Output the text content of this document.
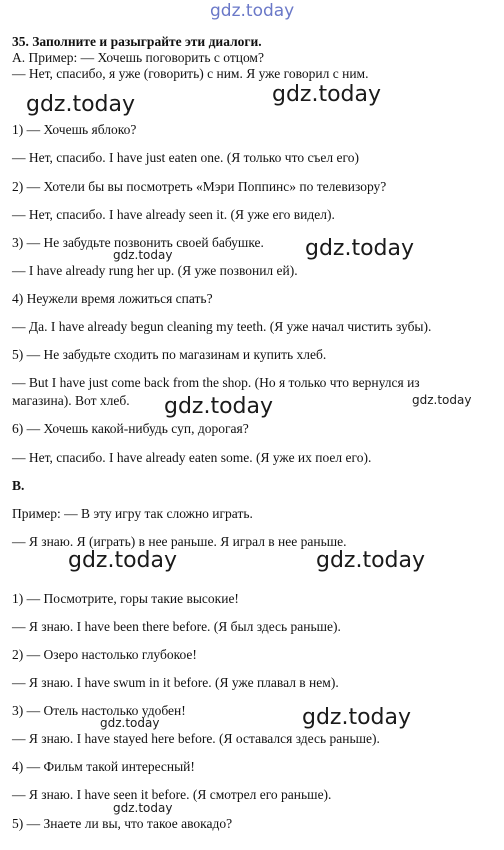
gdz.today
gdz.today	gdz.today
gdz.today
gdz.today
gdz.today	gdz.today
gdz.today	gdz.today
gdz.today
gdz.today
gdz.today
35. Заполните и разыграйте эти диалоги.
А. Пример: — Хочешь поговорить с отцом?
— Нет, спасибо, я уже (говорить) с ним. Я уже говорил с ним.
1) — Хочешь яблоко?
— Нет, спасибо. I have just eaten one. (Я только что съел его)
2) — Хотели бы вы посмотреть «Мэри Поппинс» по телевизору?
— Нет, спасибо. I have already seen it. (Я уже его видел).
3) — Не забудьте позвонить своей бабушке.
— I have already rung her up. (Я уже позвонил ей).
4) Неужели время ложиться спать?
— Да. I have already begun cleaning my teeth. (Я уже начал чистить зубы).
5) — Не забудьте сходить по магазинам и купить хлеб.
— But I have just come back from the shop. (Но я только что вернулся из
магазина). Вот хлеб.
6) — Хочешь какой-нибудь суп, дорогая?
— Нет, спасибо. I have already eaten some. (Я уже их поел его).
В.
Пример: — В эту игру так сложно играть.
— Я знаю. Я (играть) в нее раньше. Я играл в нее раньше.
1) — Посмотрите, горы такие высокие!
— Я знаю. I have been there before. (Я был здесь раньше).
2) — Озеро настолько глубокое!
— Я знаю. I have swum in it before. (Я уже плавал в нем).
3) — Отель настолько удобен!
— Я знаю. I have stayed here before. (Я оставался здесь раньше).
4) — Фильм такой интересный!
— Я знаю. I have seen it before. (Я смотрел его раньше).
5) — Знаете ли вы, что такое авокадо?
